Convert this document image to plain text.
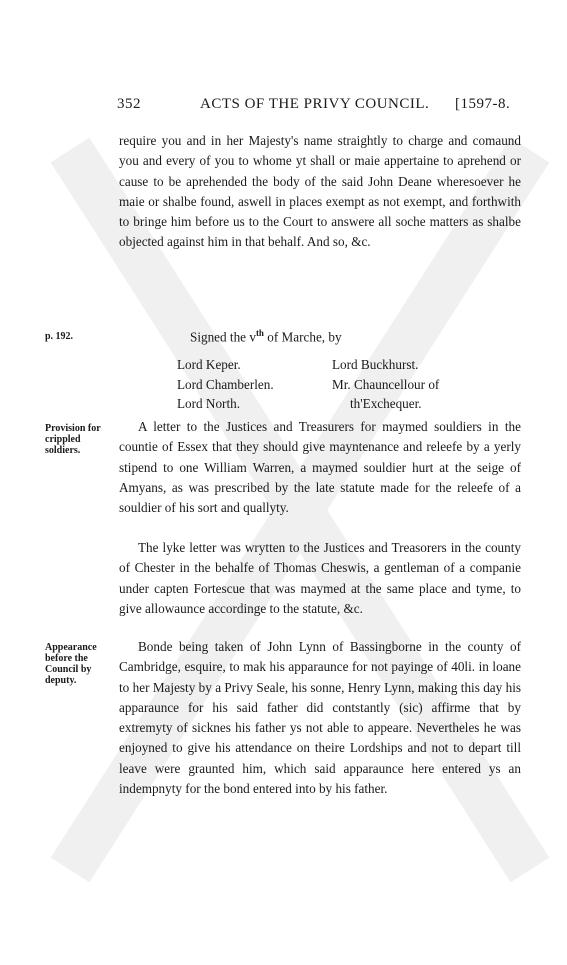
352	ACTS OF THE PRIVY COUNCIL. [1597-8.
require you and in her Majesty's name straightly to charge and comaund you and every of you to whome yt shall or maie appertaine to aprehend or cause to be aprehended the body of the said John Deane wheresoever he maie or shalbe found, aswell in places exempt as not exempt, and forthwith to bringe him before us to the Court to answere all soche matters as shalbe objected against him in that behalf. And so, &c.
p. 192.	Signed the $v^{th}$ of Marche, by
Lord Keper.
Lord Chamberlen.
Lord North.
Lord Buckhurst.
Mr. Chauncellour of
th'Exchequer.
Provision for crippled soldiers.
A letter to the Justices and Treasurers for maymed souldiers in the countie of Essex that they should give mayntenance and releefe by a yerly stipend to one William Warren, a maymed souldier hurt at the seige of Amyans, as was prescribed by the late statute made for the releefe of a souldier of his sort and quallyty.
The lyke letter was wrytten to the Justices and Treasorers in the county of Chester in the behalfe of Thomas Cheswis, a gentleman of a companie under capten Fortescue that was maymed at the same place and tyme, to give allowaunce accordinge to the statute, &c.
Appearance before the Council by deputy.
Bonde being taken of John Lynn of Bassingborne in the county of Cambridge, esquire, to mak his apparaunce for not payinge of 40li. in loane to her Majesty by a Privy Seale, his sonne, Henry Lynn, making this day his apparaunce for his said father did contstantly (sic) affirme that by extremyty of sicknes his father ys not able to appeare. Nevertheles he was enjoyned to give his attendance on theire Lordships and not to depart till leave were graunted him, which said apparaunce here entered ys an indempnyty for the bond entered into by his father.
